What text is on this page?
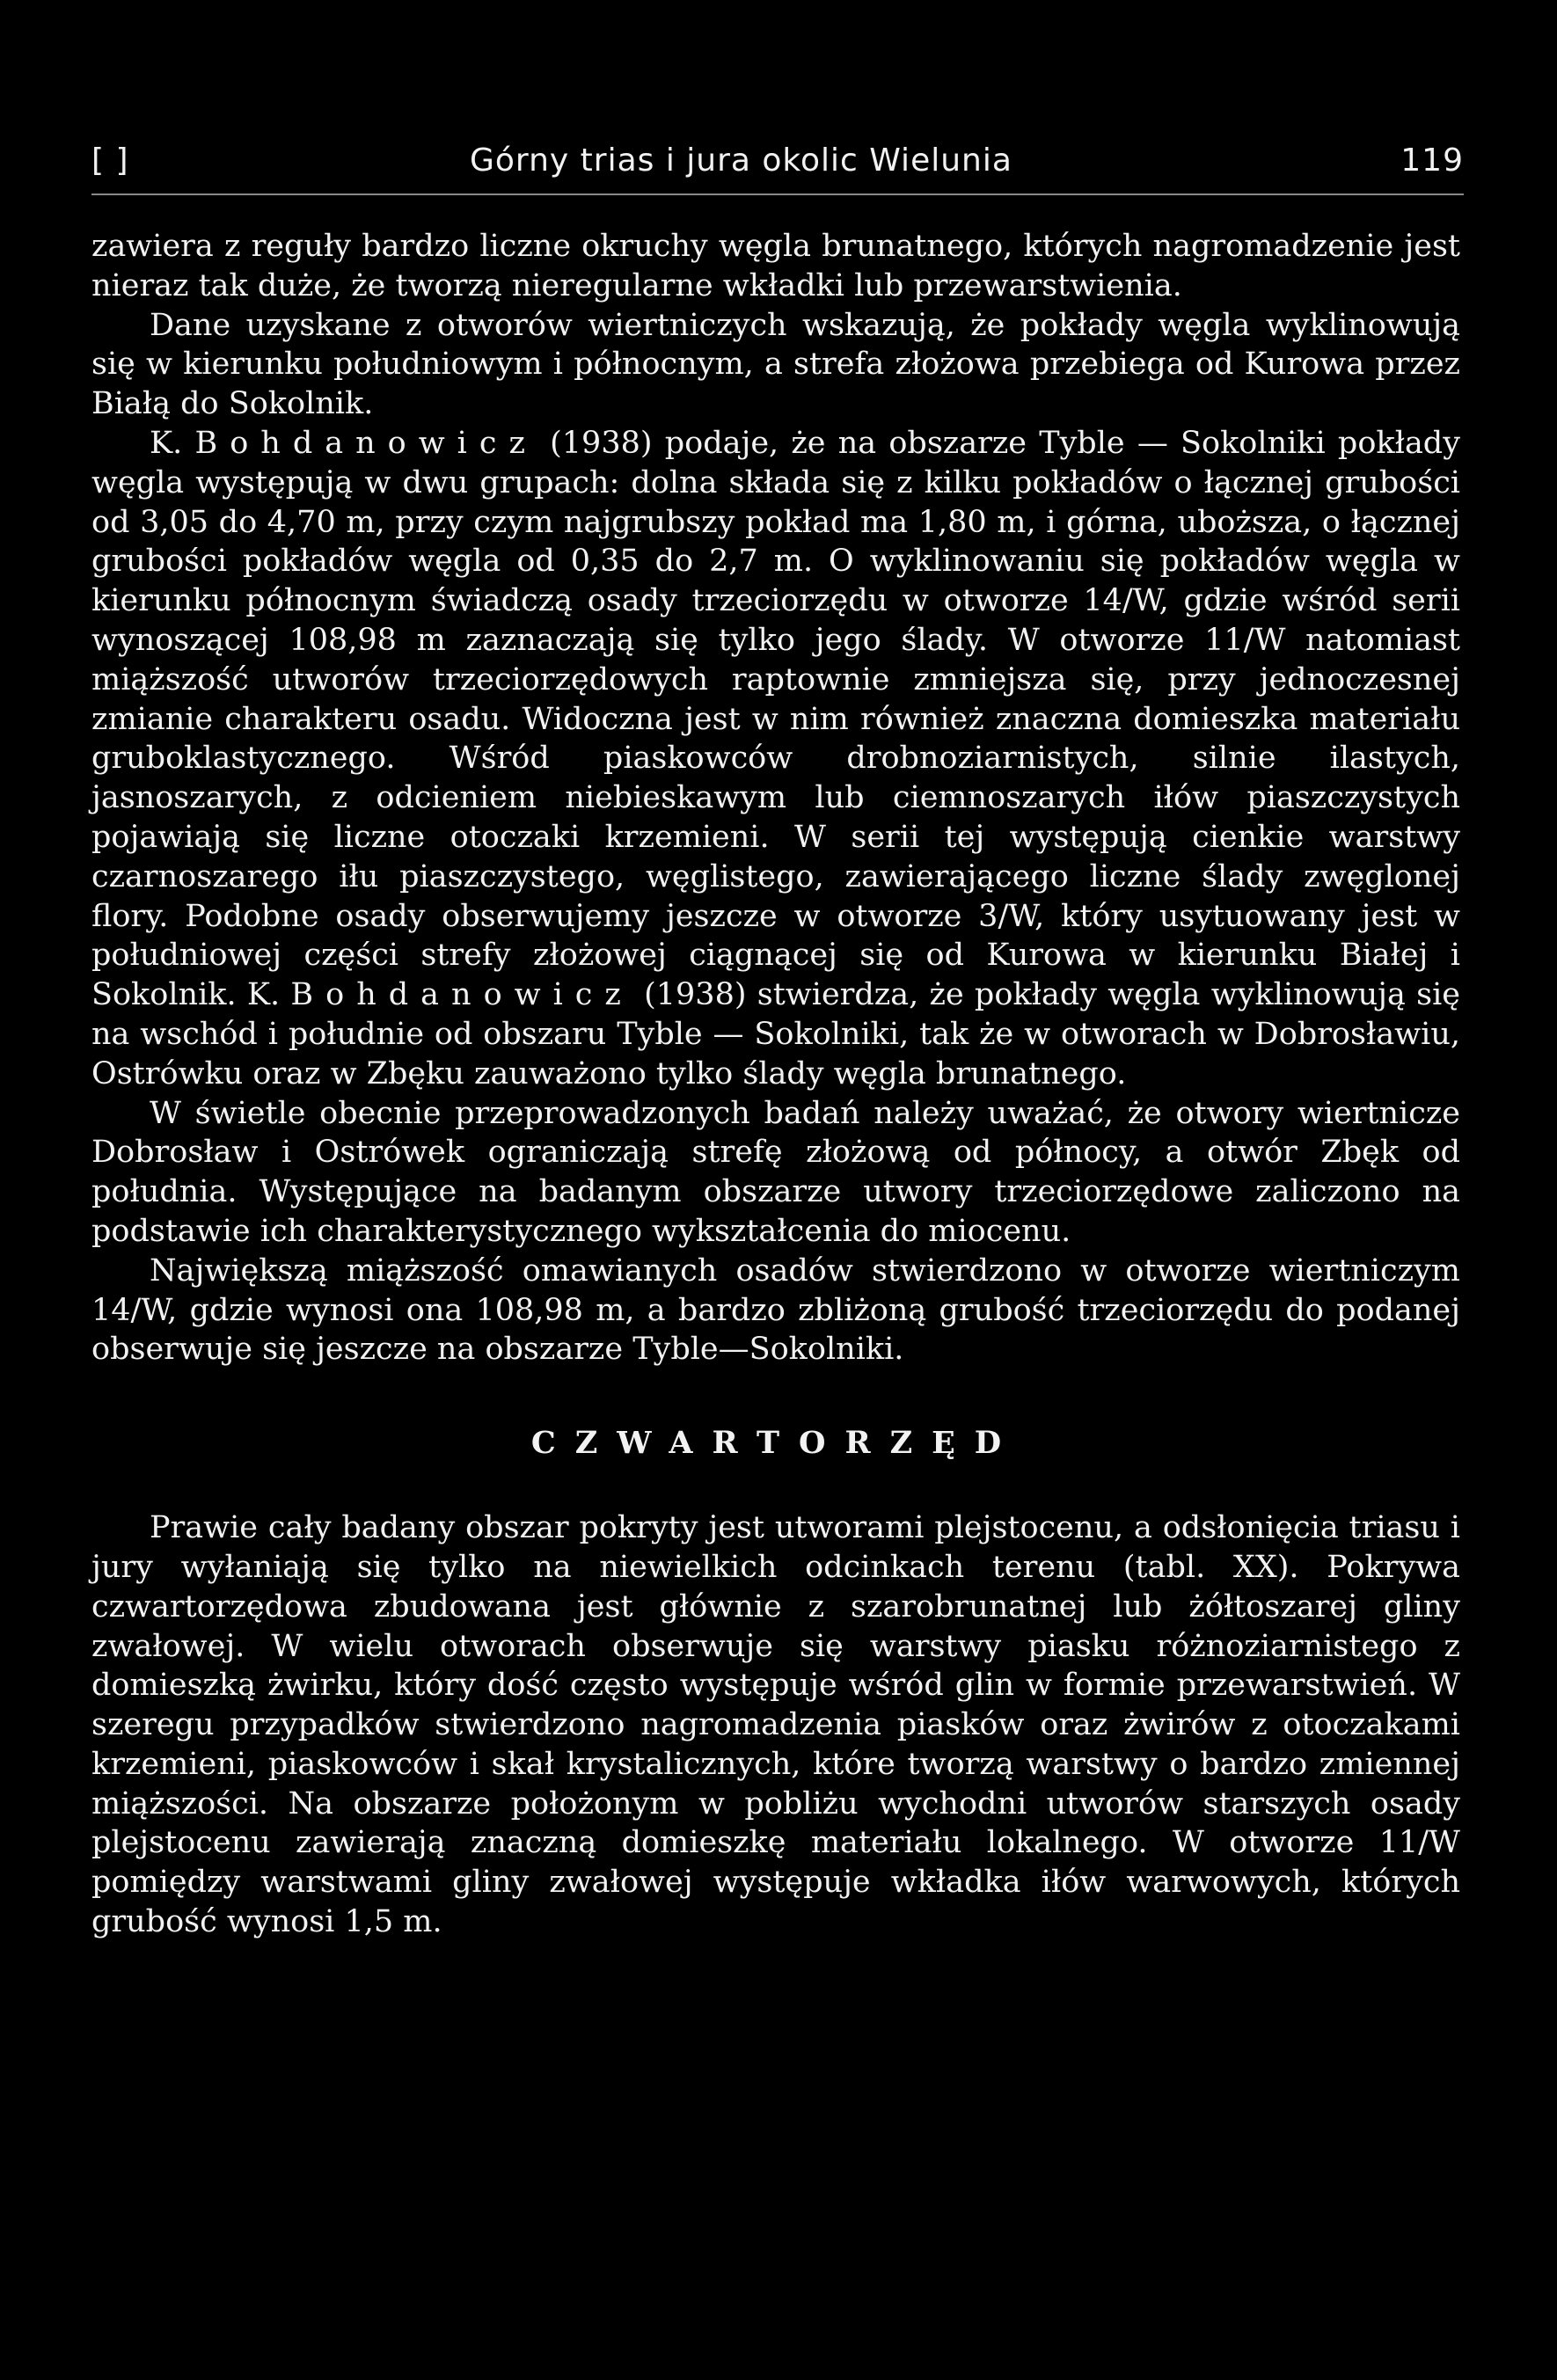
[ ]	Górny trias i jura okolic Wielunia	119

zawiera z reguły bardzo liczne okruchy węgla brunatnego, których nagromadzenie jest nieraz tak duże, że tworzą nieregularne wkładki lub przewarstwienia.

Dane uzyskane z otworów wiertniczych wskazują, że pokłady węgla wyklinowują się w kierunku południowym i północnym, a strefa złożowa przebiega od Kurowa przez Białą do Sokolnik.

K. Bohdanowicz (1938) podaje, że na obszarze Tyble — Sokolniki pokłady węgla występują w dwu grupach: dolna składa się z kilku pokładów o łącznej grubości od 3,05 do 4,70 m, przy czym najgrubszy pokład ma 1,80 m, i górna, uboższa, o łącznej grubości pokładów węgla od 0,35 do 2,7 m. O wyklinowaniu się pokładów węgla w kierunku północnym świadczą osady trzeciorzędu w otworze 14/W, gdzie wśród serii wynoszącej 108,98 m zaznaczają się tylko jego ślady. W otworze 11/W natomiast miąższość utworów trzeciorzędowych raptownie zmniejsza się, przy jednoczesnej zmianie charakteru osadu. Widoczna jest w nim również znaczna domieszka materiału gruboklastycznego. Wśród piaskowców drobnoziarnistych, silnie ilastych, jasnoszarych, z odcieniem niebieskawym lub ciemnoszarych iłów piaszczystych pojawiają się liczne otoczaki krzemieni. W serii tej występują cienkie warstwy czarnoszarego iłu piaszczystego, węglistego, zawierającego liczne ślady zwęglonej flory. Podobne osady obserwujemy jeszcze w otworze 3/W, który usytuowany jest w południowej części strefy złożowej ciągnącej się od Kurowa w kierunku Białej i Sokolnik. K. Bohdanowicz (1938) stwierdza, że pokłady węgla wyklinowują się na wschód i południe od obszaru Tyble — Sokolniki, tak że w otworach w Dobrosławiu, Ostrówku oraz w Zbęku zauważono tylko ślady węgla brunatnego.

W świetle obecnie przeprowadzonych badań należy uważać, że otwory wiertnicze Dobrosław i Ostrówek ograniczają strefę złożową od północy, a otwór Zbęk od południa. Występujące na badanym obszarze utwory trzeciorzędowe zaliczono na podstawie ich charakterystycznego wykształcenia do miocenu.

Największą miąższość omawianych osadów stwierdzono w otworze wiertniczym 14/W, gdzie wynosi ona 108,98 m, a bardzo zbliżoną grubość trzeciorzędu do podanej obserwuje się jeszcze na obszarze Tyble—Sokolniki.

CZWARTORZĘD

Prawie cały badany obszar pokryty jest utworami plejstocenu, a odsłonięcia triasu i jury wyłaniają się tylko na niewielkich odcinkach terenu (tabl. XX). Pokrywa czwartorzędowa zbudowana jest głównie z szarobrunatnej lub żółtoszarej gliny zwałowej. W wielu otworach obserwuje się warstwy piasku różnoziarnistego z domieszką żwirku, który dość często występuje wśród glin w formie przewarstwień. W szeregu przypadków stwierdzono nagromadzenia piasków oraz żwirów z otoczakami krzemieni, piaskowców i skał krystalicznych, które tworzą warstwy o bardzo zmiennej miąższości. Na obszarze położonym w pobliżu wychodni utworów starszych osady plejstocenu zawierają znaczną domieszkę materiału lokalnego. W otworze 11/W pomiędzy warstwami gliny zwałowej występuje wkładka iłów warwowych, których grubość wynosi 1,5 m.
